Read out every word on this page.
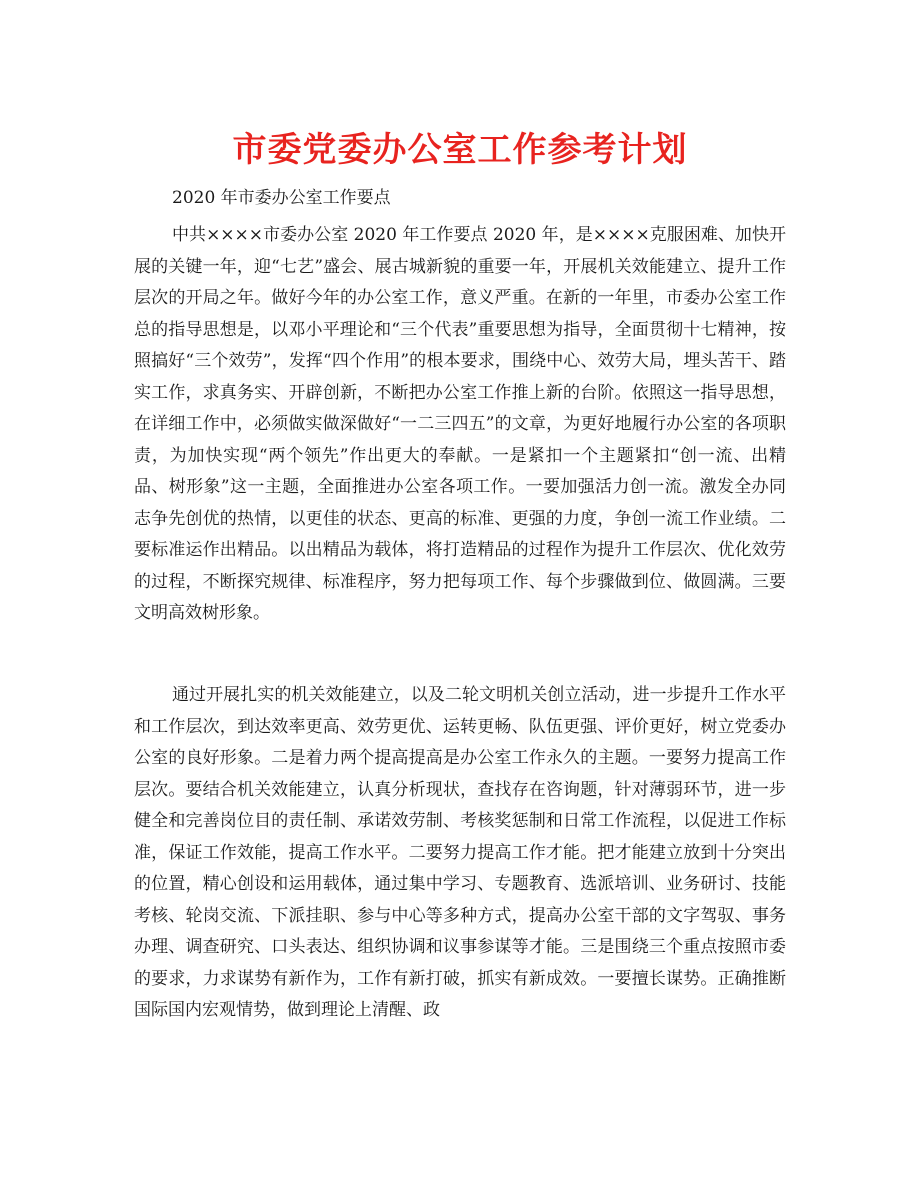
市委党委办公室工作参考计划

2020 年市委办公室工作要点

中共××××市委办公室 2020 年工作要点 2020 年，是××××克服困难、加快开展的关键一年，迎“七艺”盛会、展古城新貌的重要一年，开展机关效能建立、提升工作层次的开局之年。做好今年的办公室工作，意义严重。在新的一年里，市委办公室工作总的指导思想是，以邓小平理论和“三个代表”重要思想为指导，全面贯彻十七精神，按照搞好“三个效劳”，发挥“四个作用”的根本要求，围绕中心、效劳大局，埋头苦干、踏实工作，求真务实、开辟创新，不断把办公室工作推上新的台阶。依照这一指导思想，在详细工作中，必须做实做深做好“一二三四五”的文章，为更好地履行办公室的各项职责，为加快实现“两个领先”作出更大的奉献。一是紧扣一个主题紧扣“创一流、出精品、树形象”这一主题，全面推进办公室各项工作。一要加强活力创一流。激发全办同志争先创优的热情，以更佳的状态、更高的标准、更强的力度，争创一流工作业绩。二要标准运作出精品。以出精品为载体，将打造精品的过程作为提升工作层次、优化效劳的过程，不断探究规律、标准程序，努力把每项工作、每个步骤做到位、做圆满。三要文明高效树形象。

通过开展扎实的机关效能建立，以及二轮文明机关创立活动，进一步提升工作水平和工作层次，到达效率更高、效劳更优、运转更畅、队伍更强、评价更好，树立党委办公室的良好形象。二是着力两个提高提高是办公室工作永久的主题。一要努力提高工作层次。要结合机关效能建立，认真分析现状，查找存在咨询题，针对薄弱环节，进一步健全和完善岗位目的责任制、承诺效劳制、考核奖惩制和日常工作流程，以促进工作标准，保证工作效能，提高工作水平。二要努力提高工作才能。把才能建立放到十分突出的位置，精心创设和运用载体，通过集中学习、专题教育、选派培训、业务研讨、技能考核、轮岗交流、下派挂职、参与中心等多种方式，提高办公室干部的文字驾驭、事务办理、调查研究、口头表达、组织协调和议事参谋等才能。三是围绕三个重点按照市委的要求，力求谋势有新作为，工作有新打破，抓实有新成效。一要擅长谋势。正确推断国际国内宏观情势，做到理论上清醒、政
